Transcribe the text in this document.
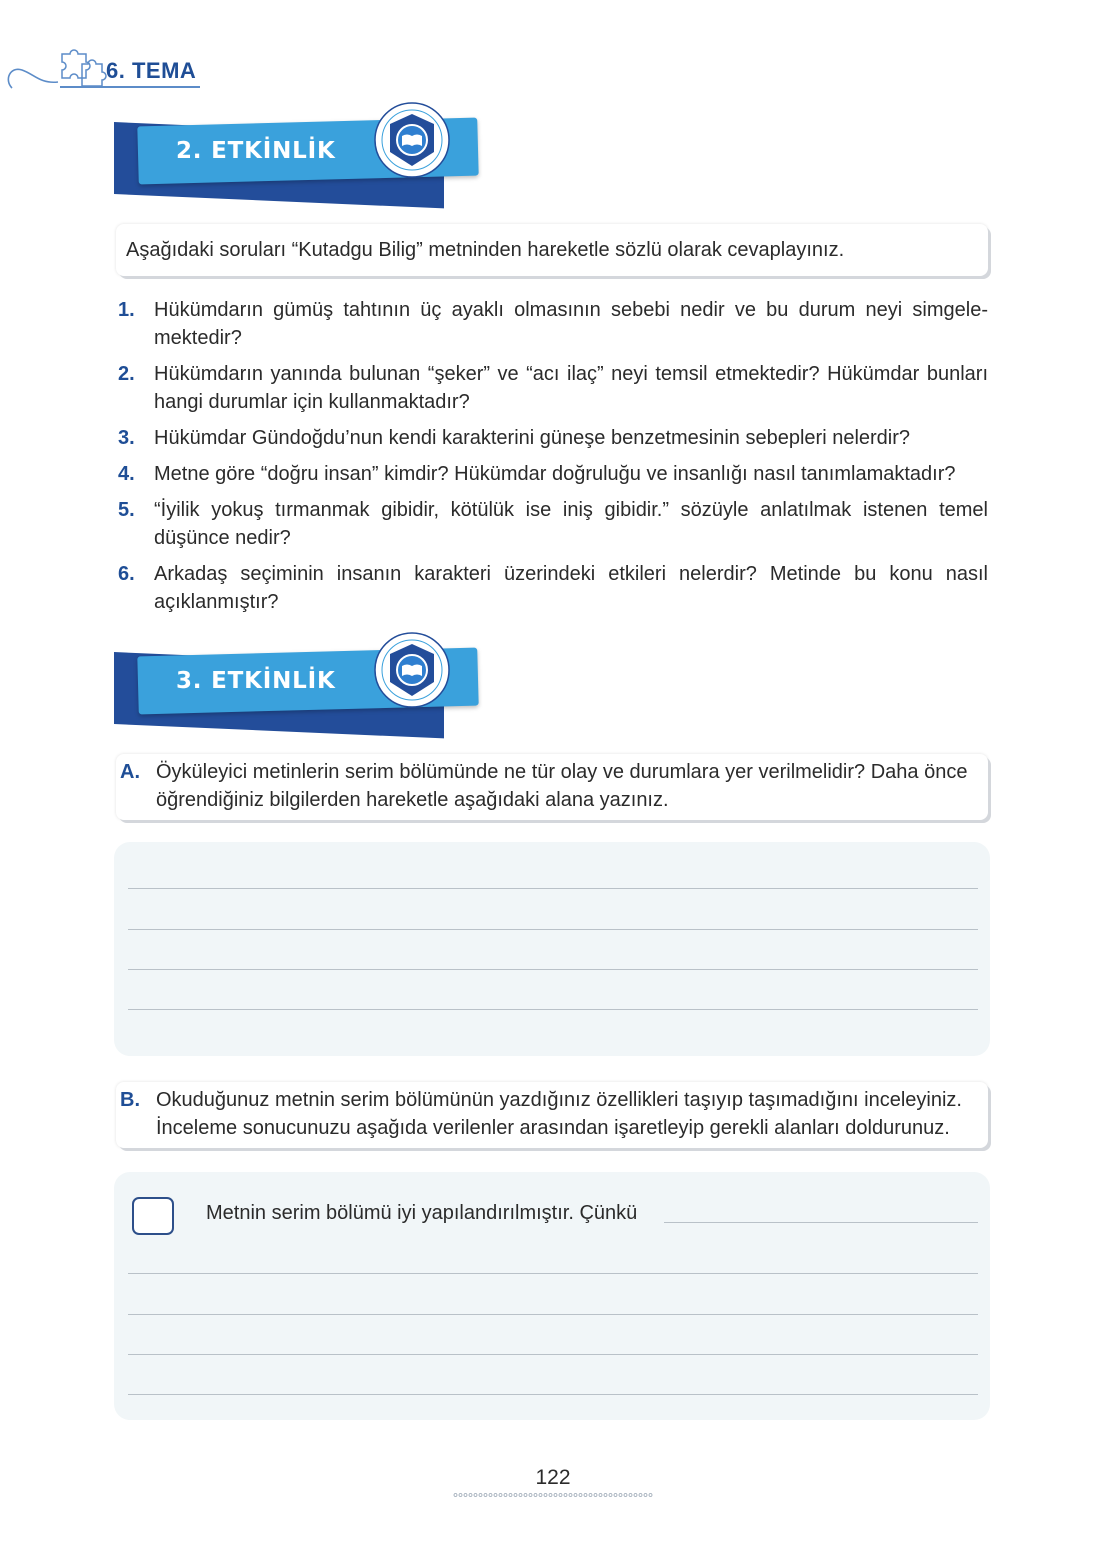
6. TEMA
2. ETKİNLİK
Aşağıdaki soruları “Kutadgu Bilig” metninden hareketle sözlü olarak cevaplayınız.
1. Hükümdarın gümüş tahtının üç ayaklı olmasının sebebi nedir ve bu durum neyi simgele-mektedir?
2. Hükümdarın yanında bulunan “şeker” ve “acı ilaç” neyi temsil etmektedir? Hükümdar bunları hangi durumlar için kullanmaktadır?
3. Hükümdar Gündoğdu’nun kendi karakterini güneşe benzetmesinin sebepleri nelerdir?
4. Metne göre “doğru insan” kimdir? Hükümdar doğruluğu ve insanlığı nasıl tanımlamaktadır?
5. “İyilik yokuş tırmanmak gibidir, kötülük ise iniş gibidir.” sözüyle anlatılmak istenen temel düşünce nedir?
6. Arkadaş seçiminin insanın karakteri üzerindeki etkileri nelerdir? Metinde bu konu nasıl açıklanmıştır?
3. ETKİNLİK
A. Öyküleyici metinlerin serim bölümünde ne tür olay ve durumlara yer verilmelidir? Daha önce öğrendiğiniz bilgilerden hareketle aşağıdaki alana yazınız.
B. Okuduğunuz metnin serim bölümünün yazdığınız özellikleri taşıyıp taşımadığını inceleyiniz. İnceleme sonucunuzu aşağıda verilenler arasından işaretleyip gerekli alanları doldurunuz.
Metnin serim bölümü iyi yapılandırılmıştır. Çünkü
122
